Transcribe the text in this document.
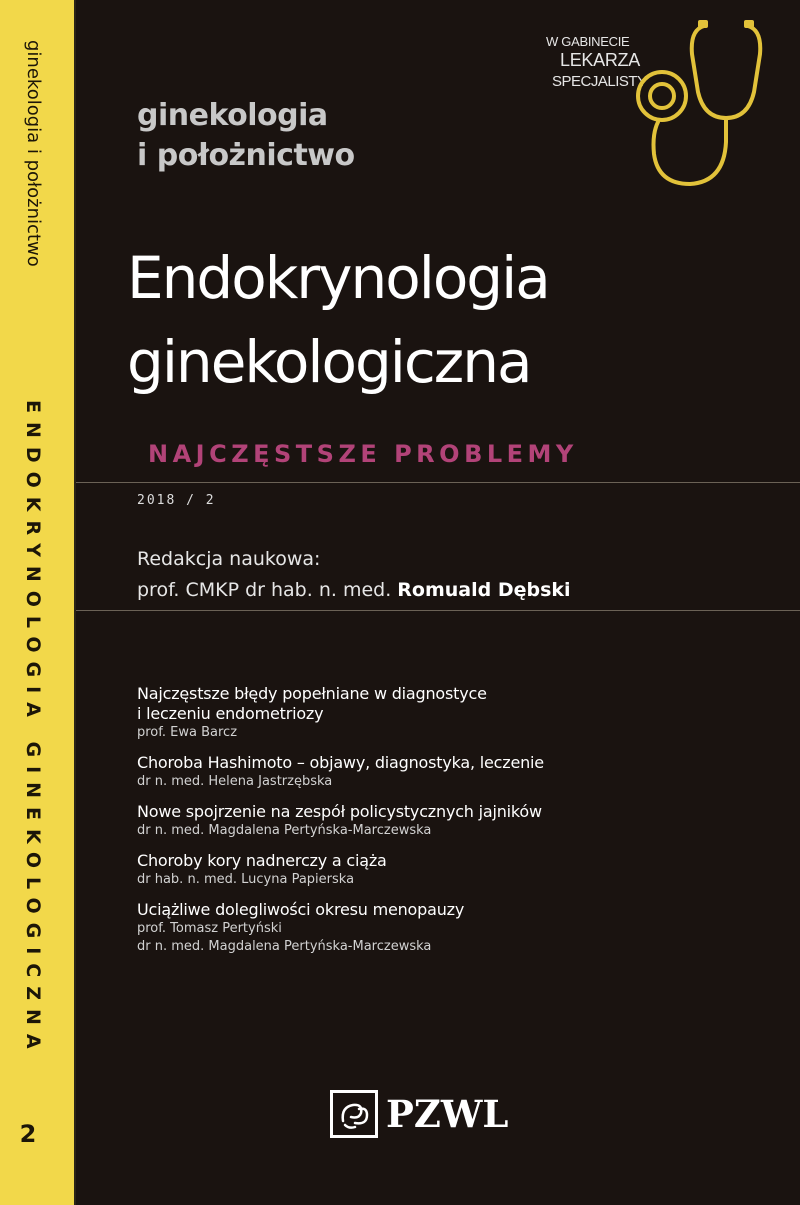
ginekologia i położnictwo
ENDOKRYNOLOGIA GINEKOLOGICZNA
2
ginekologia
i położnictwo
W GABINECIE
LEKARZA
SPECJALISTY
Endokrynologia
ginekologiczna
NAJCZĘSTSZE PROBLEMY
2018 / 2
Redakcja naukowa:
prof. CMKP dr hab. n. med. Romuald Dębski
Najczęstsze błędy popełniane w diagnostyce
i leczeniu endometriozy
prof. Ewa Barcz
Choroba Hashimoto – objawy, diagnostyka, leczenie
dr n. med. Helena Jastrzębska
Nowe spojrzenie na zespół policystycznych jajników
dr n. med. Magdalena Pertyńska-Marczewska
Choroby kory nadnerczy a ciąża
dr hab. n. med. Lucyna Papierska
Uciążliwe dolegliwości okresu menopauzy
prof. Tomasz Pertyński
dr n. med. Magdalena Pertyńska-Marczewska
PZWL
